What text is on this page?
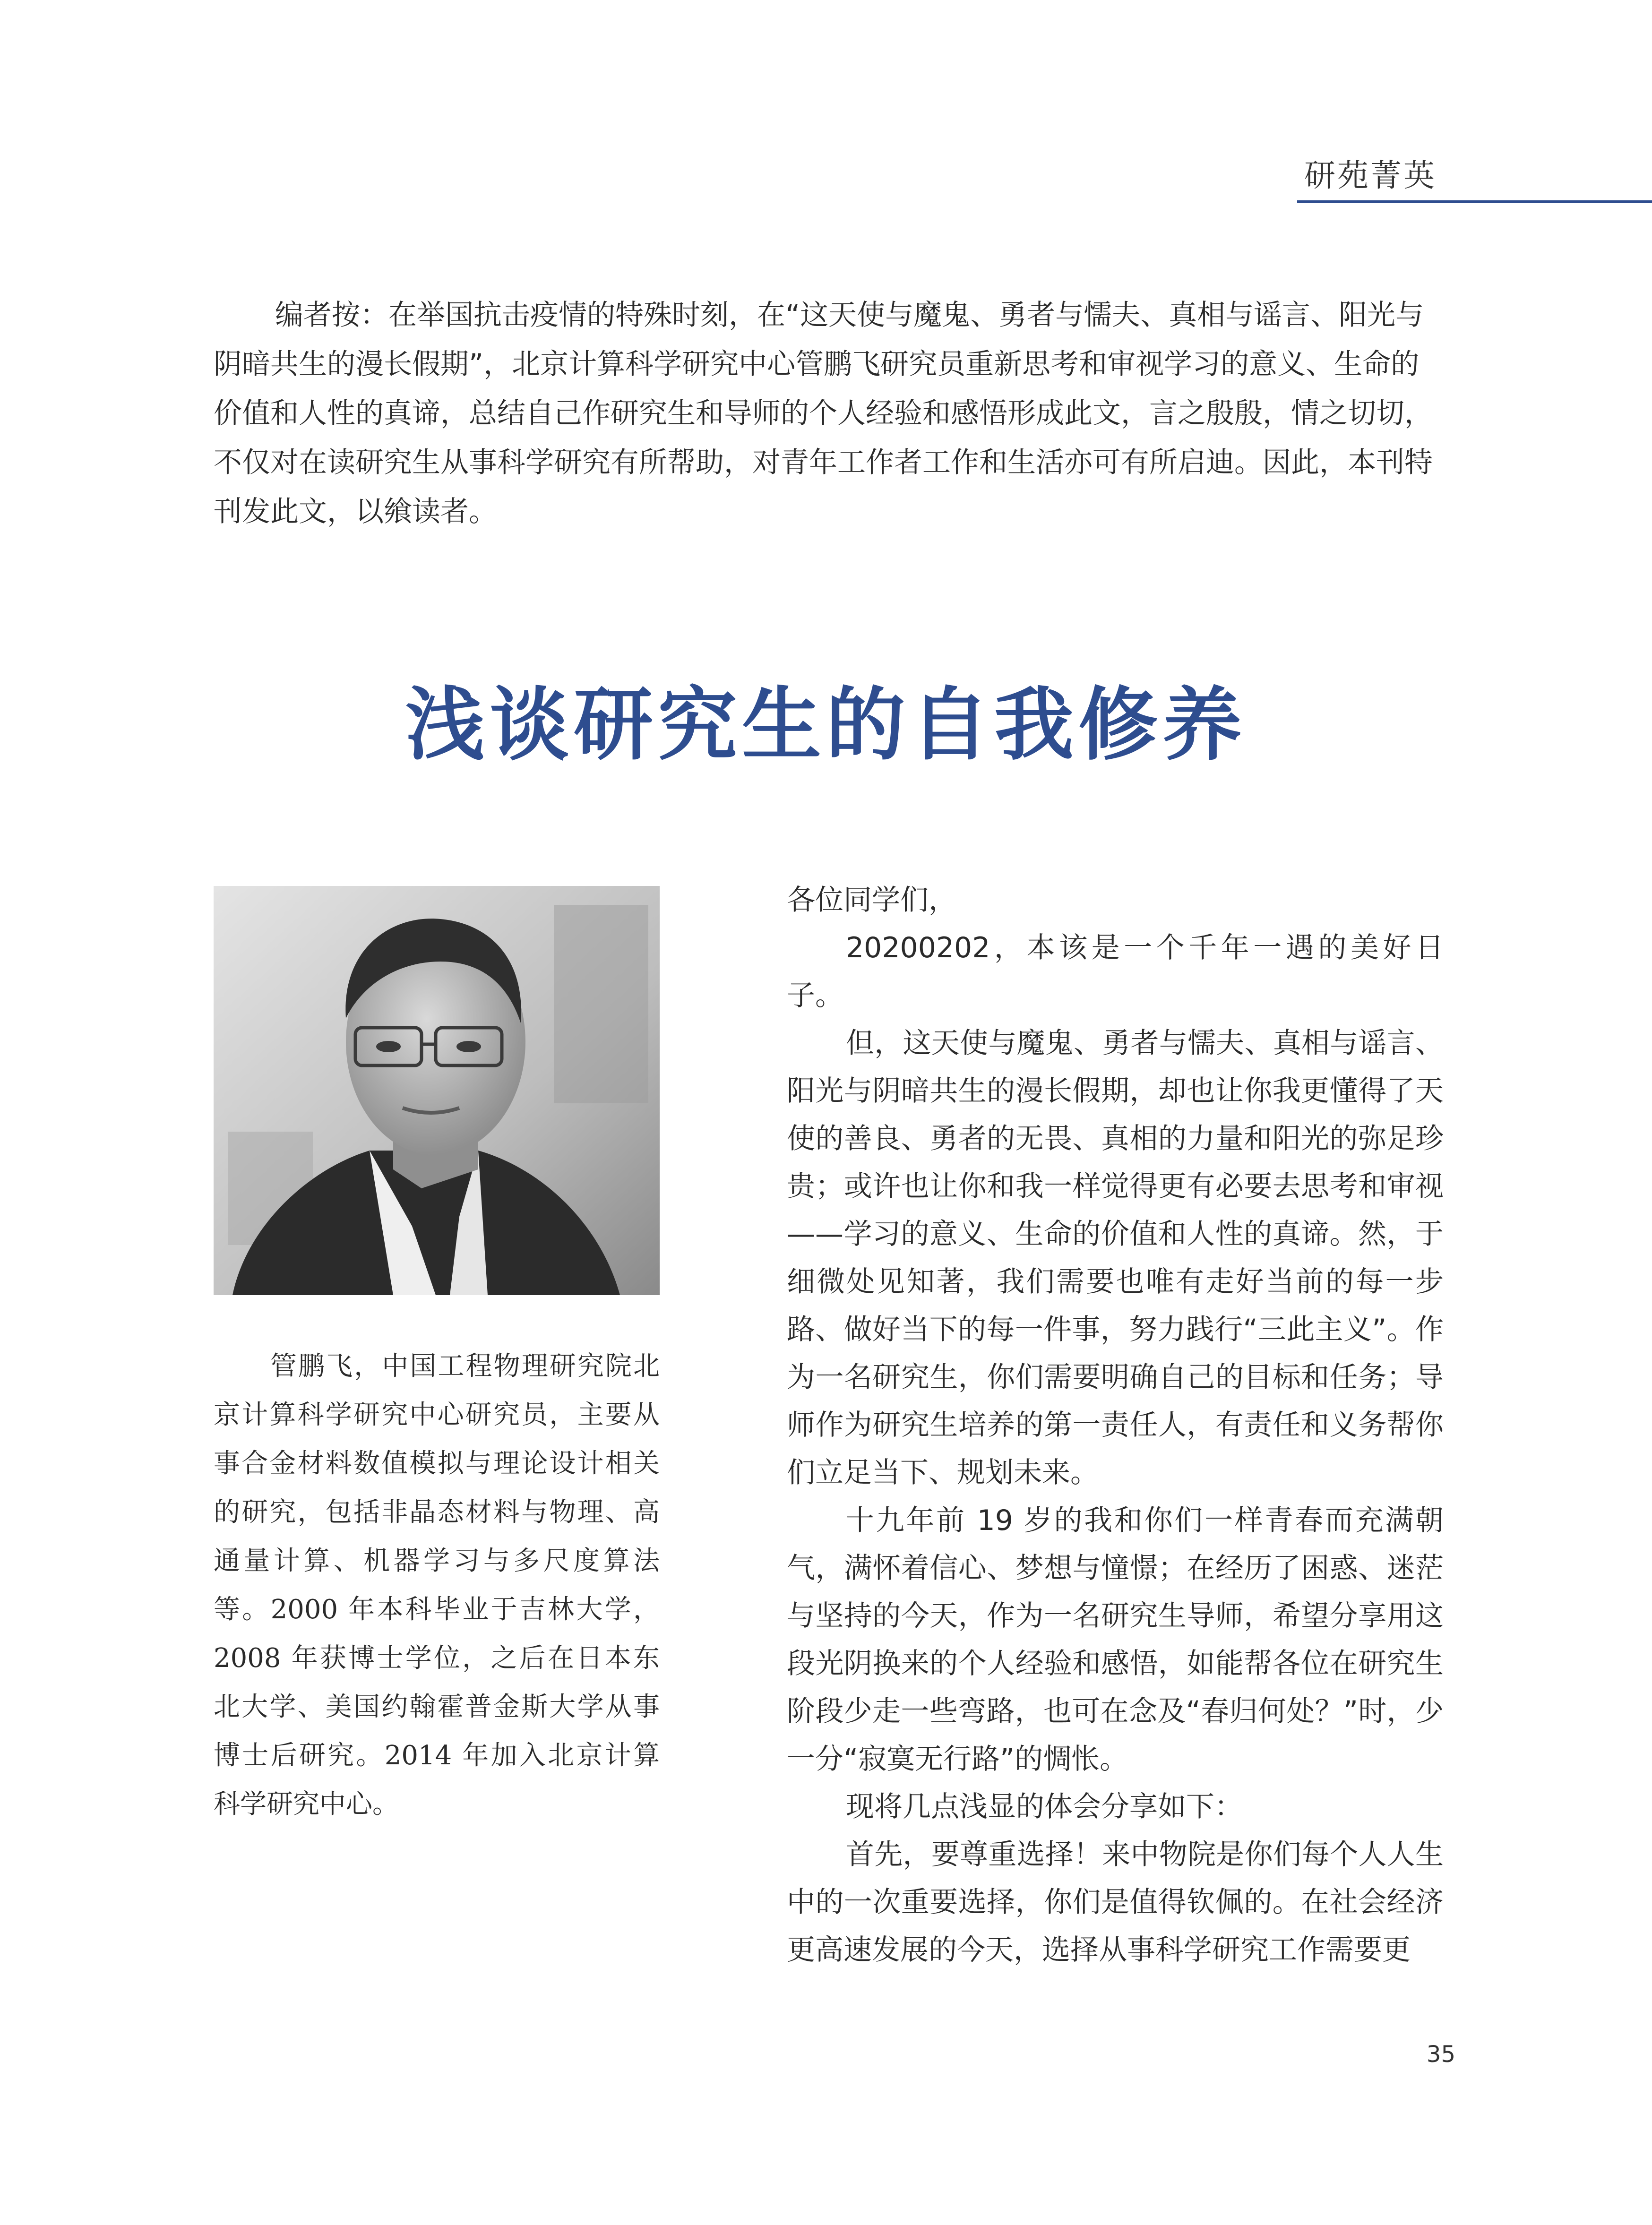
研苑菁英

编者按：在举国抗击疫情的特殊时刻，在“这天使与魔鬼、勇者与懦夫、真相与谣言、阳光与阴暗共生的漫长假期”，北京计算科学研究中心管鹏飞研究员重新思考和审视学习的意义、生命的价值和人性的真谛，总结自己作研究生和导师的个人经验和感悟形成此文，言之殷殷，情之切切，不仅对在读研究生从事科学研究有所帮助，对青年工作者工作和生活亦可有所启迪。因此，本刊特刊发此文，以飨读者。

浅谈研究生的自我修养

管鹏飞，中国工程物理研究院北京计算科学研究中心研究员，主要从事合金材料数值模拟与理论设计相关的研究，包括非晶态材料与物理、高通量计算、机器学习与多尺度算法等。2000 年本科毕业于吉林大学，2008 年获博士学位，之后在日本东北大学、美国约翰霍普金斯大学从事博士后研究。2014 年加入北京计算科学研究中心。

各位同学们，

20200202，本该是一个千年一遇的美好日子。

但，这天使与魔鬼、勇者与懦夫、真相与谣言、阳光与阴暗共生的漫长假期，却也让你我更懂得了天使的善良、勇者的无畏、真相的力量和阳光的弥足珍贵；或许也让你和我一样觉得更有必要去思考和审视——学习的意义、生命的价值和人性的真谛。然，于细微处见知著，我们需要也唯有走好当前的每一步路、做好当下的每一件事，努力践行“三此主义”。作为一名研究生，你们需要明确自己的目标和任务；导师作为研究生培养的第一责任人，有责任和义务帮你们立足当下、规划未来。

十九年前 19 岁的我和你们一样青春而充满朝气，满怀着信心、梦想与憧憬；在经历了困惑、迷茫与坚持的今天，作为一名研究生导师，希望分享用这段光阴换来的个人经验和感悟，如能帮各位在研究生阶段少走一些弯路，也可在念及“春归何处？”时，少一分“寂寞无行路”的惆怅。

现将几点浅显的体会分享如下：

首先，要尊重选择！来中物院是你们每个人人生中的一次重要选择，你们是值得钦佩的。在社会经济更高速发展的今天，选择从事科学研究工作需要更

35
